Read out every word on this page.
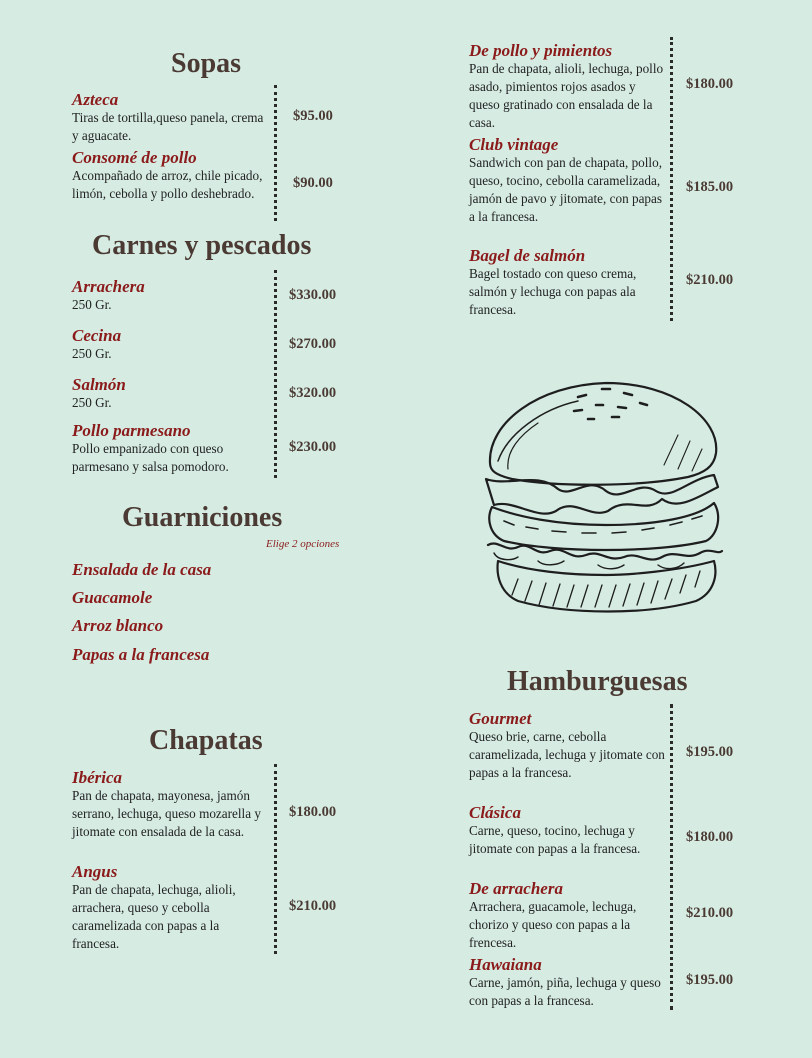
Sopas
Azteca
Tiras de tortilla,queso panela, crema y aguacate.
$95.00
Consomé de pollo
Acompañado de arroz, chile picado, limón, cebolla y pollo deshebrado.
$90.00
Carnes y pescados
Arrachera
250 Gr.
$330.00
Cecina
250 Gr.
$270.00
Salmón
250 Gr.
$320.00
Pollo parmesano
Pollo empanizado con queso parmesano y salsa pomodoro.
$230.00
Guarniciones
Elige 2 opciones
Ensalada de la casa
Guacamole
Arroz blanco
Papas a la francesa
Chapatas
Ibérica
Pan de chapata, mayonesa, jamón serrano, lechuga, queso mozarella y jitomate con ensalada de la casa.
$180.00
Angus
Pan de chapata, lechuga, alioli, arrachera, queso y cebolla caramelizada con papas a la francesa.
$210.00
De pollo y pimientos
Pan de chapata, alioli, lechuga, pollo asado, pimientos rojos asados y queso gratinado con ensalada de la casa.
$180.00
Club vintage
Sandwich con pan de chapata, pollo, queso, tocino, cebolla caramelizada, jamón de pavo y jitomate, con papas a la francesa.
$185.00
Bagel de salmón
Bagel tostado con queso crema, salmón y lechuga con papas ala francesa.
$210.00
Hamburguesas
Gourmet
Queso brie, carne, cebolla caramelizada, lechuga y jitomate con papas a la francesa.
$195.00
Clásica
Carne, queso, tocino, lechuga y jitomate con papas a la francesa.
$180.00
De arrachera
Arrachera, guacamole, lechuga, chorizo y queso con papas a la frencesa.
$210.00
Hawaiana
Carne, jamón, piña, lechuga y queso con papas a la francesa.
$195.00
